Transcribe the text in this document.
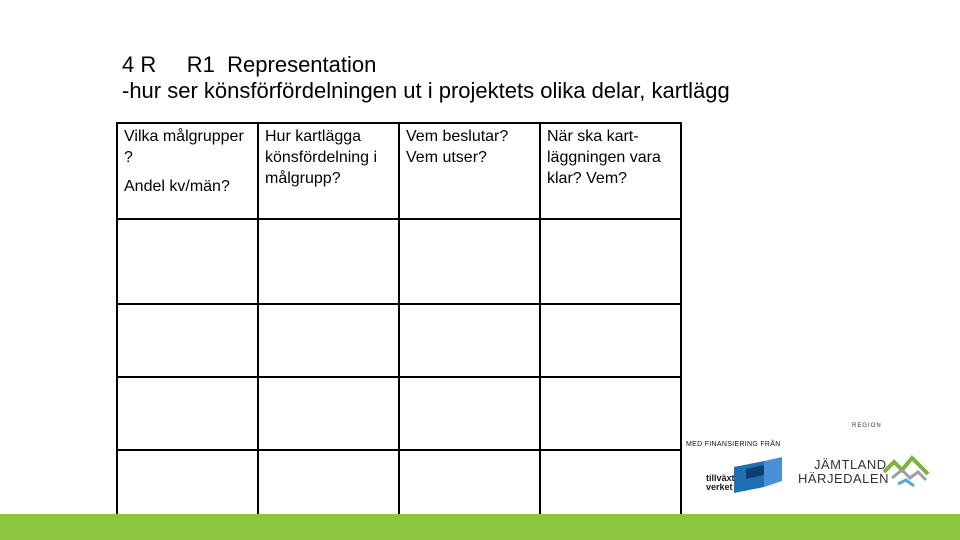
4 R     R1  Representation
-hur ser könsförfördelningen ut i projektets olika delar, kartlägg
Vilka målgrupper ?
Andel kv/män?	Hur kartlägga könsfördelning i målgrupp?	Vem beslutar? Vem utser?	När ska kart-läggningen vara klar? Vem?

MED FINANSIERING FRÅN
tillväxt
verket
REGION
JÄMTLAND
HÄRJEDALEN
